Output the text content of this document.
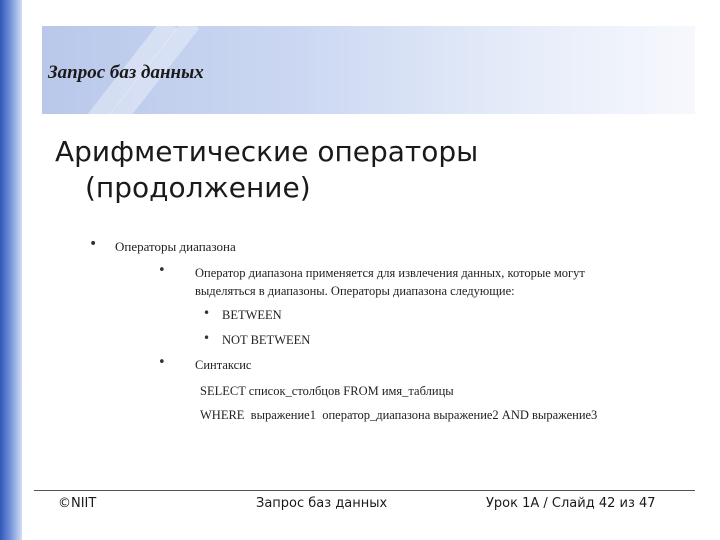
Запрос баз данных
Арифметические операторы
(продолжение)
• Операторы диапазона
• Оператор диапазона применяется для извлечения данных, которые могут
выделяться в диапазоны. Операторы диапазона следующие:
• BETWEEN
• NOT BETWEEN
• Синтаксис
SELECT список_столбцов FROM имя_таблицы
WHERE  выражение1  оператор_диапазона выражение2 AND выражение3
©NIIT	Запрос баз данных	Урок 1A / Слайд 42 из 47
